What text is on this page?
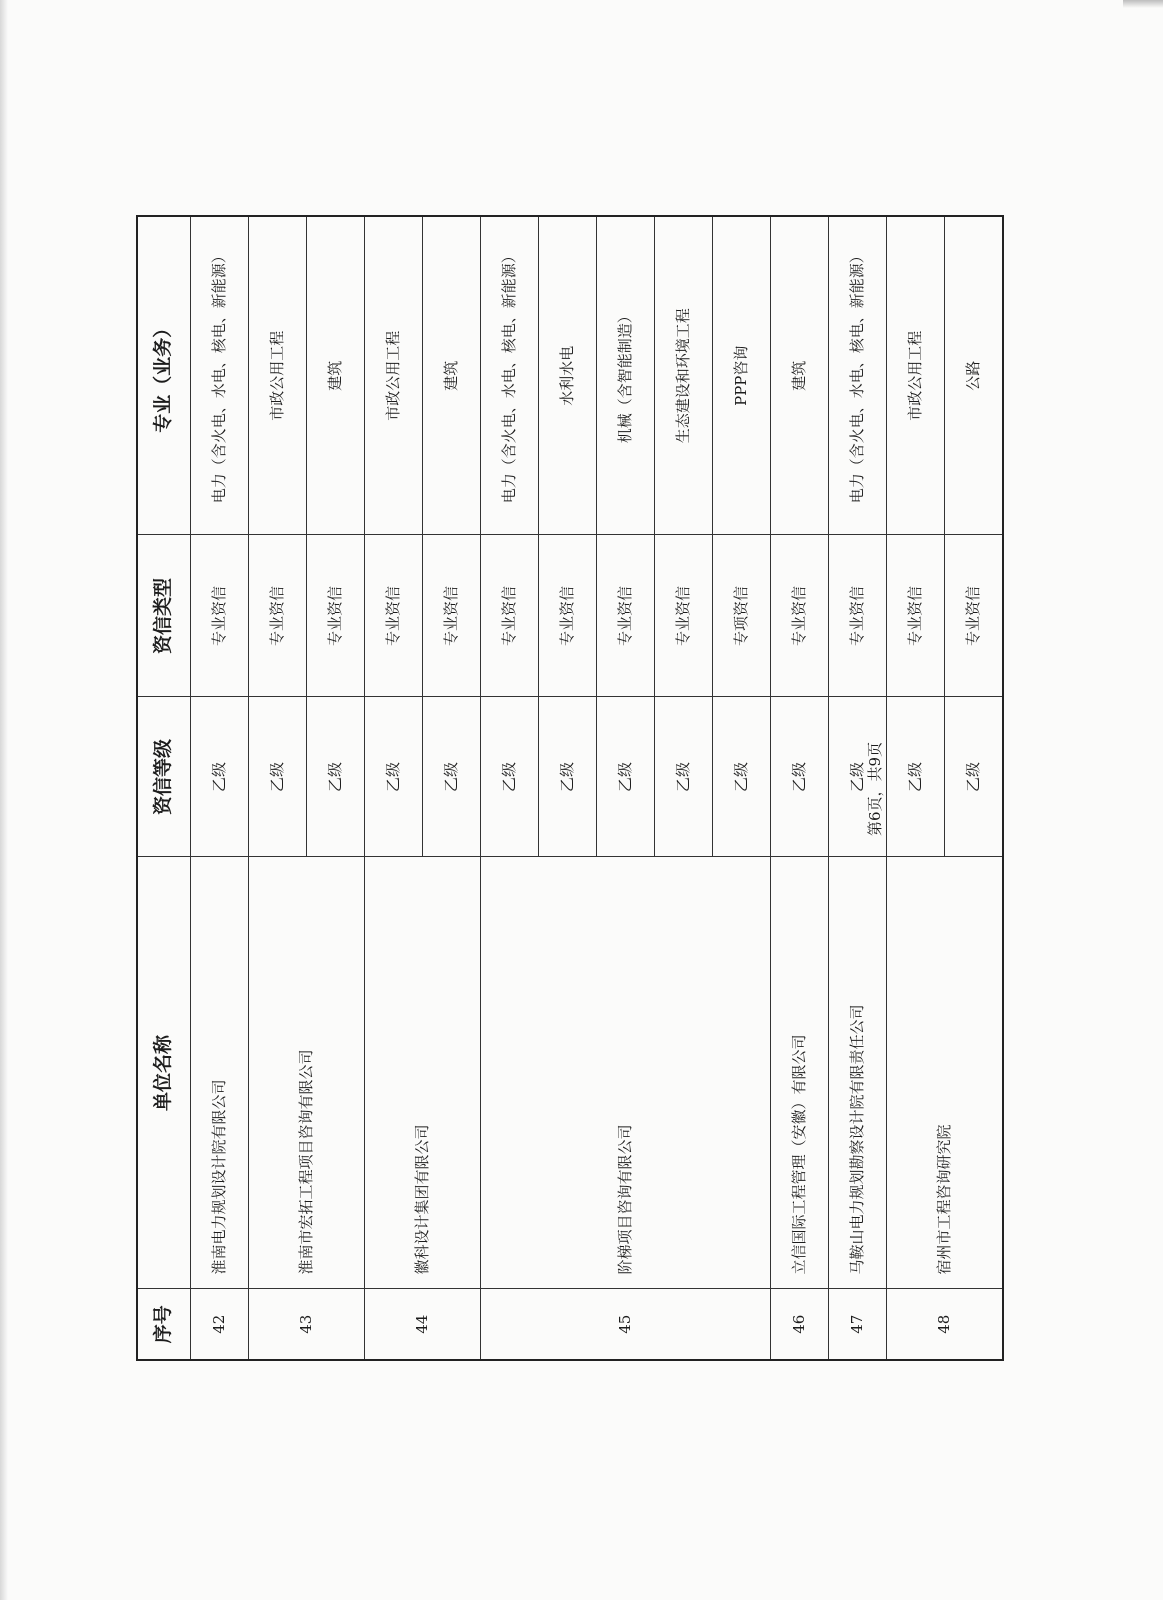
序号	单位名称	资信等级	资信类型	专业（业务）
42	淮南电力规划设计院有限公司	乙级	专业资信	电力（含火电、水电、核电、新能源）
43	淮南市宏拓工程项目咨询有限公司	乙级	专业资信	市政公用工程
		乙级	专业资信	建筑
44	徽科设计集团有限公司	乙级	专业资信	市政公用工程
		乙级	专业资信	建筑
45	阶梯项目咨询有限公司	乙级	专业资信	电力（含火电、水电、核电、新能源）
		乙级	专业资信	水利水电
		乙级	专业资信	机械（含智能制造）
		乙级	专业资信	生态建设和环境工程
		乙级	专项资信	PPP咨询
46	立信国际工程管理（安徽）有限公司	乙级	专业资信	建筑
47	马鞍山电力规划勘察设计院有限责任公司	乙级	专业资信	电力（含火电、水电、核电、新能源）
48	宿州市工程咨询研究院	乙级	专业资信	市政公用工程
		乙级	专业资信	公路
第6页，共9页
